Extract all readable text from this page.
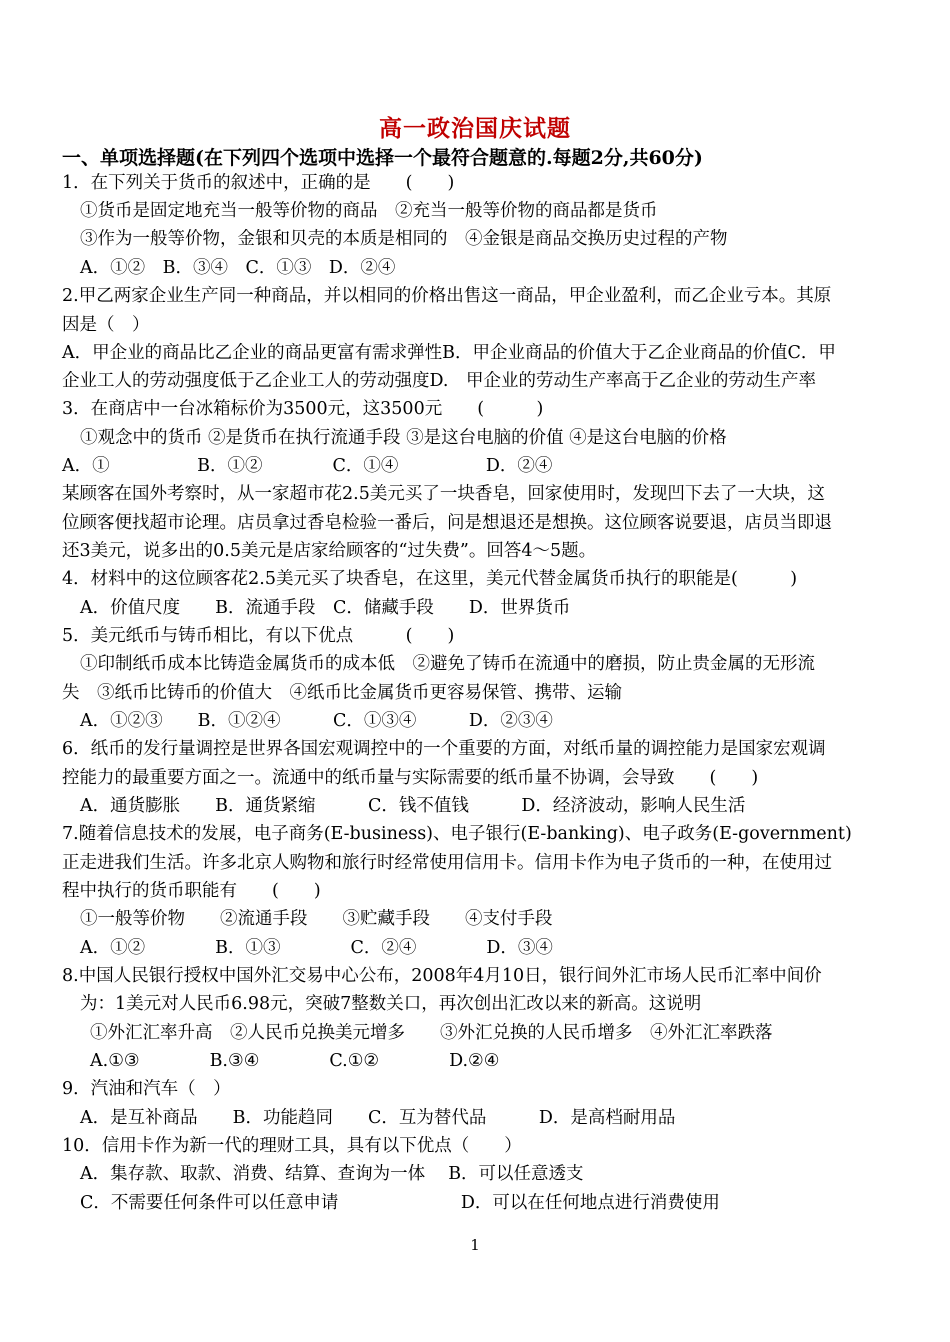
高一政治国庆试题
一、单项选择题(在下列四个选项中选择一个最符合题意的.每题2分,共60分)
1．在下列关于货币的叙述中，正确的是　　(　　)
①货币是固定地充当一般等价物的商品　②充当一般等价物的商品都是货币
③作为一般等价物，金银和贝壳的本质是相同的　④金银是商品交换历史过程的产物
A．①②　B．③④　C．①③　D．②④
2.甲乙两家企业生产同一种商品，并以相同的价格出售这一商品，甲企业盈利，而乙企业亏本。其原
因是（　）
A．甲企业的商品比乙企业的商品更富有需求弹性B．甲企业商品的价值大于乙企业商品的价值C．甲
企业工人的劳动强度低于乙企业工人的劳动强度D.　甲企业的劳动生产率高于乙企业的劳动生产率
3．在商店中一台冰箱标价为3500元，这3500元　　(　　　)
①观念中的货币 ②是货币在执行流通手段 ③是这台电脑的价值 ④是这台电脑的价格
A．①　　　　　B．①②　　　　C．①④　　　　　D．②④
某顾客在国外考察时，从一家超市花2.5美元买了一块香皂，回家使用时，发现凹下去了一大块，这
位顾客便找超市论理。店员拿过香皂检验一番后，问是想退还是想换。这位顾客说要退，店员当即退
还3美元，说多出的0.5美元是店家给顾客的“过失费”。回答4～5题。
4．材料中的这位顾客花2.5美元买了块香皂，在这里，美元代替金属货币执行的职能是(　　　)
A．价值尺度　　B．流通手段　C．储藏手段　　D．世界货币
5．美元纸币与铸币相比，有以下优点　　　(　　)
①印制纸币成本比铸造金属货币的成本低　②避免了铸币在流通中的磨损，防止贵金属的无形流
失　③纸币比铸币的价值大　④纸币比金属货币更容易保管、携带、运输
A．①②③　　B．①②④　　　C．①③④　　　D．②③④
6．纸币的发行量调控是世界各国宏观调控中的一个重要的方面，对纸币量的调控能力是国家宏观调
控能力的最重要方面之一。流通中的纸币量与实际需要的纸币量不协调，会导致　　(　　)
A．通货膨胀　　B．通货紧缩　　　C．钱不值钱　　　D．经济波动，影响人民生活
7.随着信息技术的发展，电子商务(E-business)、电子银行(E-banking)、电子政务(E-government)
正走进我们生活。许多北京人购物和旅行时经常使用信用卡。信用卡作为电子货币的一种，在使用过
程中执行的货币职能有　　(　　)
①一般等价物　　②流通手段　　③贮藏手段　　④支付手段
A．①②　　　　B．①③　　　　C．②④　　　　D．③④
8.中国人民银行授权中国外汇交易中心公布，2008年4月10日，银行间外汇市场人民币汇率中间价
为：1美元对人民币6.98元，突破7整数关口，再次创出汇改以来的新高。这说明
①外汇汇率升高　②人民币兑换美元增多　　③外汇兑换的人民币增多　④外汇汇率跌落
A.①③　　　　B.③④　　　　C.①②　　　　D.②④
9．汽油和汽车（　）
A．是互补商品　　B．功能趋同　　C．互为替代品　　　D．是高档耐用品
10．信用卡作为新一代的理财工具，具有以下优点（　　）
A．集存款、取款、消费、结算、查询为一体　 B．可以任意透支
C．不需要任何条件可以任意申请　　　　　　　D．可以在任何地点进行消费使用
1
